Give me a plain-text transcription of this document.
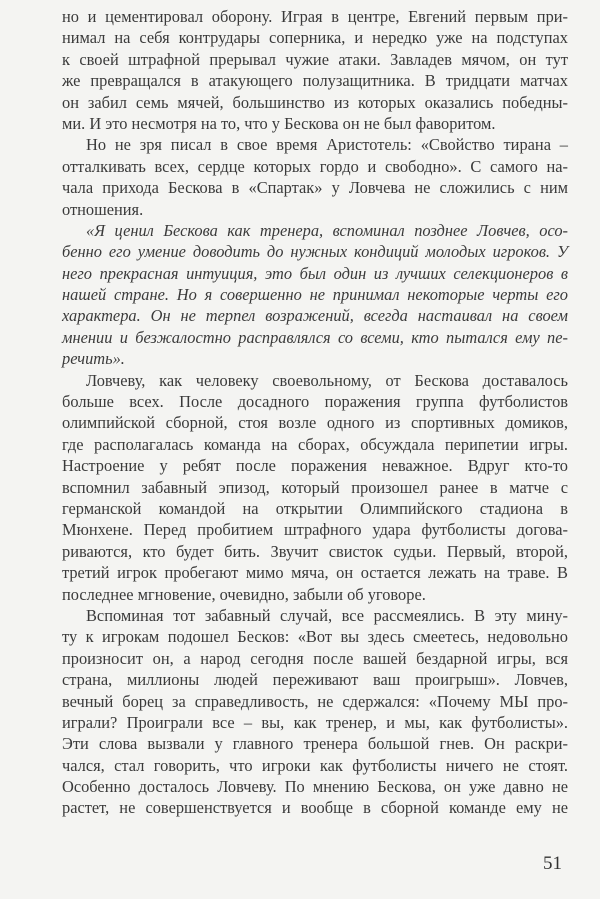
но и цементировал оборону. Играя в центре, Евгений первым при-
нимал на себя контрудары соперника, и нередко уже на подступах
к своей штрафной прерывал чужие атаки. Завладев мячом, он тут
же превращался в атакующего полузащитника. В тридцати матчах
он забил семь мячей, большинство из которых оказались победны-
ми. И это несмотря на то, что у Бескова он не был фаворитом.
Но не зря писал в свое время Аристотель: «Свойство тирана –
отталкивать всех, сердце которых гордо и свободно». С самого на-
чала прихода Бескова в «Спартак» у Ловчева не сложились с ним
отношения.
«Я ценил Бескова как тренера, вспоминал позднее Ловчев, осо-
бенно его умение доводить до нужных кондиций молодых игроков. У
него прекрасная интуиция, это был один из лучших селекционеров в
нашей стране. Но я совершенно не принимал некоторые черты его
характера. Он не терпел возражений, всегда настаивал на своем
мнении и безжалостно расправлялся со всеми, кто пытался ему пе-
речить».
Ловчеву, как человеку своевольному, от Бескова доставалось
больше всех. После досадного поражения группа футболистов
олимпийской сборной, стоя возле одного из спортивных домиков,
где располагалась команда на сборах, обсуждала перипетии игры.
Настроение у ребят после поражения неважное. Вдруг кто-то
вспомнил забавный эпизод, который произошел ранее в матче с
германской командой на открытии Олимпийского стадиона в
Мюнхене. Перед пробитием штрафного удара футболисты догова-
риваются, кто будет бить. Звучит свисток судьи. Первый, второй,
третий игрок пробегают мимо мяча, он остается лежать на траве. В
последнее мгновение, очевидно, забыли об уговоре.
Вспоминая тот забавный случай, все рассмеялись. В эту мину-
ту к игрокам подошел Бесков: «Вот вы здесь смеетесь, недовольно
произносит он, а народ сегодня после вашей бездарной игры, вся
страна, миллионы людей переживают ваш проигрыш». Ловчев,
вечный борец за справедливость, не сдержался: «Почему МЫ про-
играли? Проиграли все – вы, как тренер, и мы, как футболисты».
Эти слова вызвали у главного тренера большой гнев. Он раскри-
чался, стал говорить, что игроки как футболисты ничего не стоят.
Особенно досталось Ловчеву. По мнению Бескова, он уже давно не
растет, не совершенствуется и вообще в сборной команде ему не
51
